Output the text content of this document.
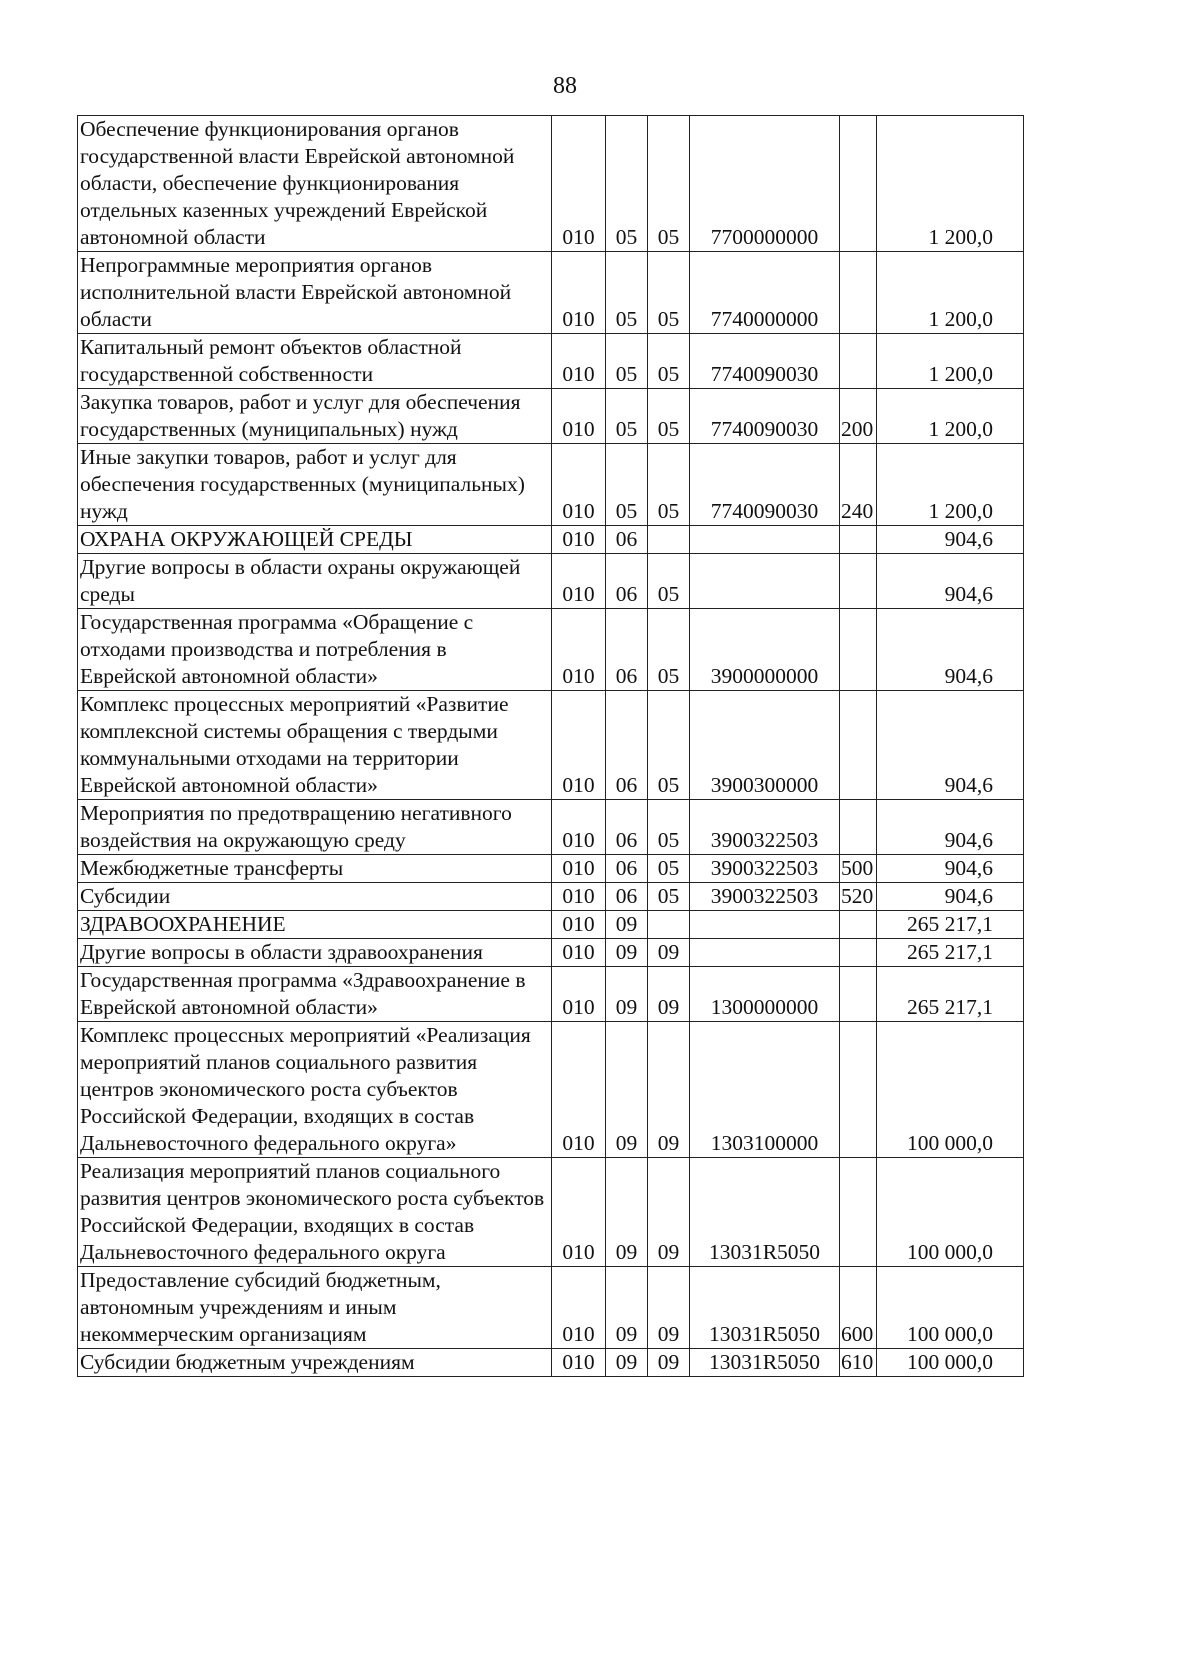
88
Обеспечение функционирования органов государственной власти Еврейской автономной области, обеспечение функционирования отдельных казенных учреждений Еврейской автономной области	010	05	05	7700000000		1 200,0
Непрограммные мероприятия органов исполнительной власти Еврейской автономной области	010	05	05	7740000000		1 200,0
Капитальный ремонт объектов областной государственной собственности	010	05	05	7740090030		1 200,0
Закупка товаров, работ и услуг для обеспечения государственных (муниципальных) нужд	010	05	05	7740090030	200	1 200,0
Иные закупки товаров, работ и услуг для обеспечения государственных (муниципальных) нужд	010	05	05	7740090030	240	1 200,0
ОХРАНА ОКРУЖАЮЩЕЙ СРЕДЫ	010	06				904,6
Другие вопросы в области охраны окружающей среды	010	06	05			904,6
Государственная программа «Обращение с отходами производства и потребления в Еврейской автономной области»	010	06	05	3900000000		904,6
Комплекс процессных мероприятий «Развитие комплексной системы обращения с твердыми коммунальными отходами на территории Еврейской автономной области»	010	06	05	3900300000		904,6
Мероприятия по предотвращению негативного воздействия на окружающую среду	010	06	05	3900322503		904,6
Межбюджетные трансферты	010	06	05	3900322503	500	904,6
Субсидии	010	06	05	3900322503	520	904,6
ЗДРАВООХРАНЕНИЕ	010	09				265 217,1
Другие вопросы в области здравоохранения	010	09	09			265 217,1
Государственная программа «Здравоохранение в Еврейской автономной области»	010	09	09	1300000000		265 217,1
Комплекс процессных мероприятий «Реализация мероприятий планов социального развития центров экономического роста субъектов Российской Федерации, входящих в состав Дальневосточного федерального округа»	010	09	09	1303100000		100 000,0
Реализация мероприятий планов социального развития центров экономического роста субъектов Российской Федерации, входящих в состав Дальневосточного федерального округа	010	09	09	13031R5050		100 000,0
Предоставление субсидий бюджетным, автономным учреждениям и иным некоммерческим организациям	010	09	09	13031R5050	600	100 000,0
Субсидии бюджетным учреждениям	010	09	09	13031R5050	610	100 000,0
